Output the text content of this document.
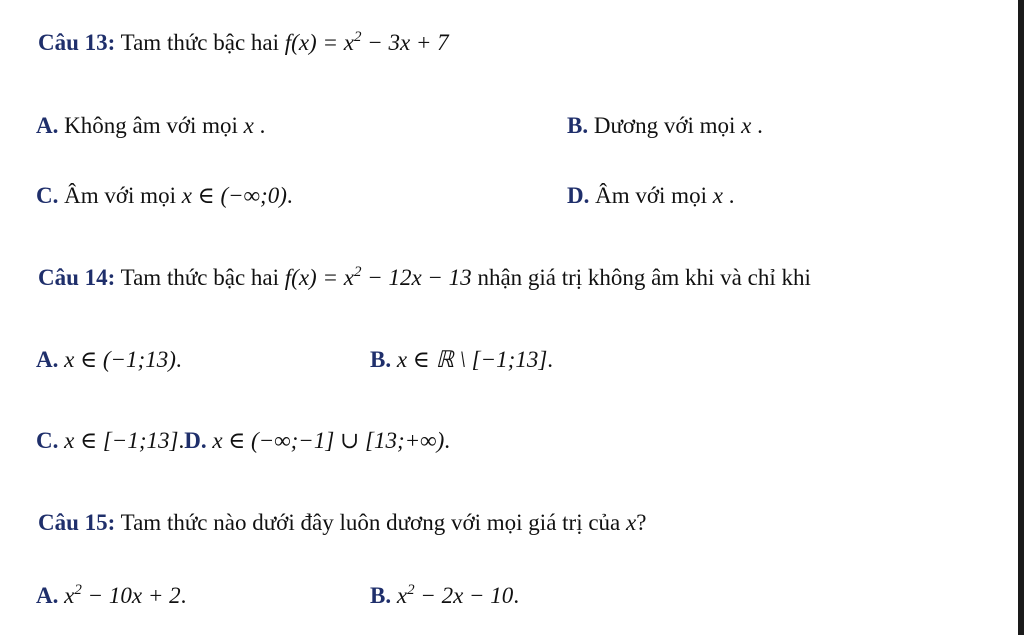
Câu 13: Tam thức bậc hai $f(x) = x^2 - 3x + 7$
A. Không âm với mọi x .	B. Dương với mọi x .
C. Âm với mọi x ∈ (−∞;0).	D. Âm với mọi x .
Câu 14: Tam thức bậc hai $f(x) = x^2 - 12x - 13$ nhận giá trị không âm khi và chỉ khi
A. x ∈ (−1;13).	B. x ∈ ℝ \ [−1;13].
C. x ∈ [−1;13].D. x ∈ (−∞;−1] ∪ [13;+∞).
Câu 15: Tam thức nào dưới đây luôn dương với mọi giá trị của x?
A. $x^2 - 10x + 2$.	B. $x^2 - 2x - 10$.
